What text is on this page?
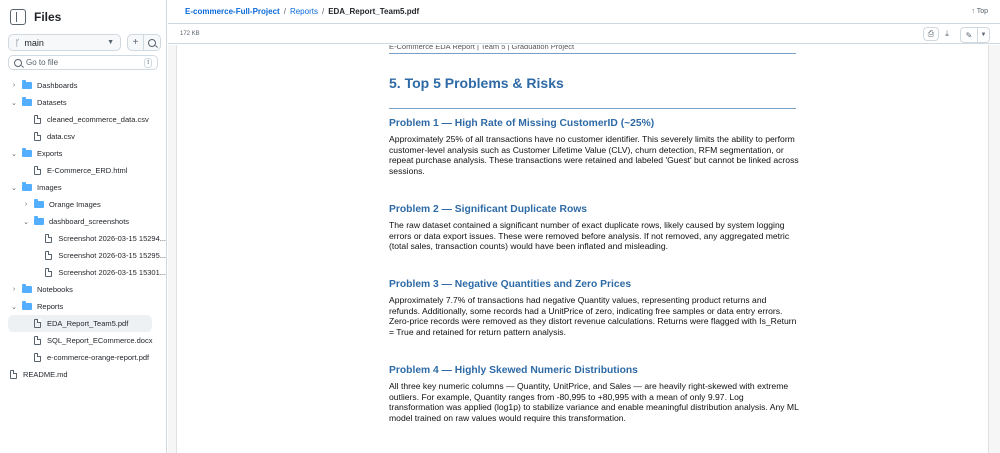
Files
ᚴ main	▼ +
Go to file	t
›	Dashboards
⌄	Datasets
cleaned_ecommerce_data.csv
data.csv
⌄	Exports
E-Commerce_ERD.html
⌄	Images
›	Orange Images
⌄	dashboard_screenshots
Screenshot 2026-03-15 15294...
Screenshot 2026-03-15 15295...
Screenshot 2026-03-15 15301...
›	Notebooks
⌄	Reports
EDA_Report_Team5.pdf
SQL_Report_ECommerce.docx
e-commerce-orange-report.pdf
README.md
E-commerce-Full-Project / Reports / EDA_Report_Team5.pdf	↑ Top
172 KB	⎙ ⤓ ✎ ▼
E-Commerce EDA Report | Team 5 | Graduation Project
5. Top 5 Problems & Risks
Problem 1 — High Rate of Missing CustomerID (~25%)

Approximately 25% of all transactions have no customer identifier. This severely limits the ability to perform customer-level analysis such as Customer Lifetime Value (CLV), churn detection, RFM segmentation, or repeat purchase analysis. These transactions were retained and labeled 'Guest' but cannot be linked across sessions.

Problem 2 — Significant Duplicate Rows

The raw dataset contained a significant number of exact duplicate rows, likely caused by system logging errors or data export issues. These were removed before analysis. If not removed, any aggregated metric (total sales, transaction counts) would have been inflated and misleading.

Problem 3 — Negative Quantities and Zero Prices

Approximately 7.7% of transactions had negative Quantity values, representing product returns and refunds. Additionally, some records had a UnitPrice of zero, indicating free samples or data entry errors. Zero-price records were removed as they distort revenue calculations. Returns were flagged with Is_Return = True and retained for return pattern analysis.

Problem 4 — Highly Skewed Numeric Distributions

All three key numeric columns — Quantity, UnitPrice, and Sales — are heavily right-skewed with extreme outliers. For example, Quantity ranges from -80,995 to +80,995 with a mean of only 9.97. Log transformation was applied (log1p) to stabilize variance and enable meaningful distribution analysis. Any ML model trained on raw values would require this transformation.
